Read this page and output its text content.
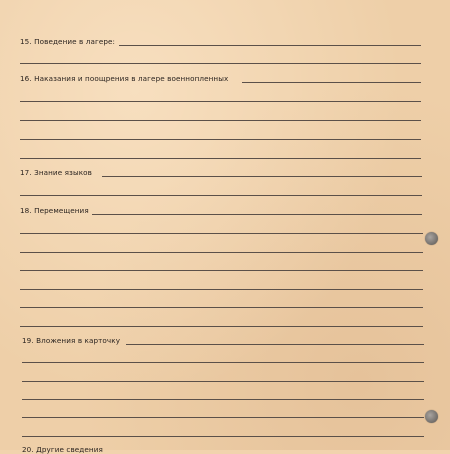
15. Поведение в лагере:
16. Наказания и поощрения в лагере военнопленных
17. Знание языков
18. Перемещения
19. Вложения в карточку
20. Другие сведения
